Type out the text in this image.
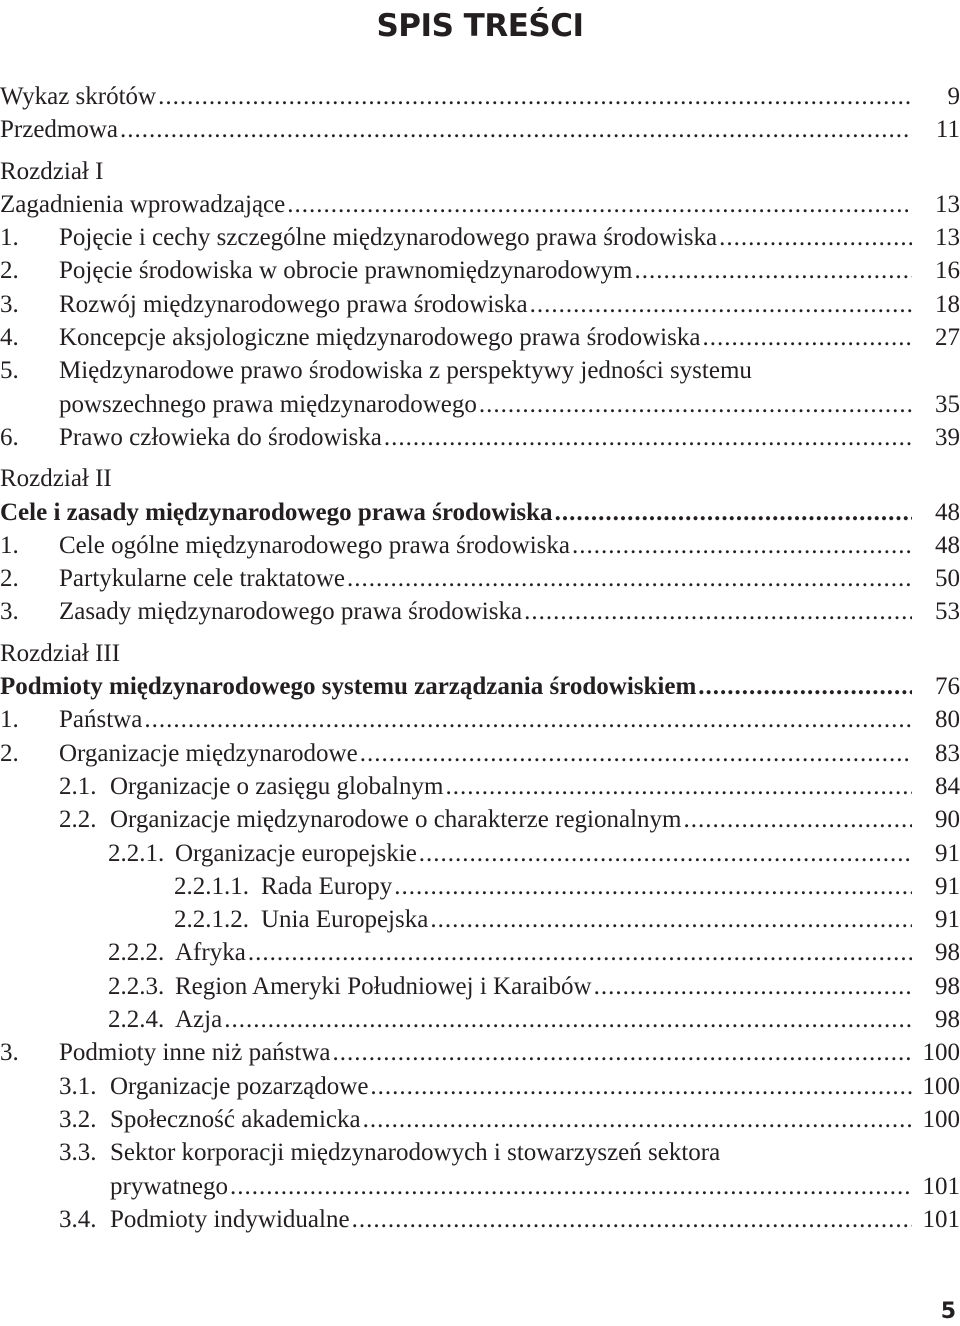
SPIS TREŚCI
Wykaz skrótów .....	9
Przedmowa .....	11
Rozdział I
Zagadnienia wprowadzające .....	13
1.	Pojęcie i cechy szczególne międzynarodowego prawa środowiska .....	13
2.	Pojęcie środowiska w obrocie prawnomiędzynarodowym .....	16
3.	Rozwój międzynarodowego prawa środowiska .....	18
4.	Koncepcje aksjologiczne międzynarodowego prawa środowiska .....	27
5.	Międzynarodowe prawo środowiska z perspektywy jedności systemu
powszechnego prawa międzynarodowego .....	35
6.	Prawo człowieka do środowiska .....	39
Rozdział II
Cele i zasady międzynarodowego prawa środowiska .....	48
1.	Cele ogólne międzynarodowego prawa środowiska .....	48
2.	Partykularne cele traktatowe .....	50
3.	Zasady międzynarodowego prawa środowiska .....	53
Rozdział III
Podmioty międzynarodowego systemu zarządzania środowiskiem .....	76
1.	Państwa .....	80
2.	Organizacje międzynarodowe .....	83
2.1. Organizacje o zasięgu globalnym .....	84
2.2. Organizacje międzynarodowe o charakterze regionalnym .....	90
2.2.1. Organizacje europejskie .....	91
2.2.1.1. Rada Europy .....	91
2.2.1.2. Unia Europejska .....	91
2.2.2. Afryka .....	98
2.2.3. Region Ameryki Południowej i Karaibów .....	98
2.2.4. Azja .....	98
3.	Podmioty inne niż państwa .....	100
3.1. Organizacje pozarządowe .....	100
3.2. Społeczność akademicka .....	100
3.3. Sektor korporacji międzynarodowych i stowarzyszeń sektora
prywatnego .....	101
3.4. Podmioty indywidualne .....	101
5
